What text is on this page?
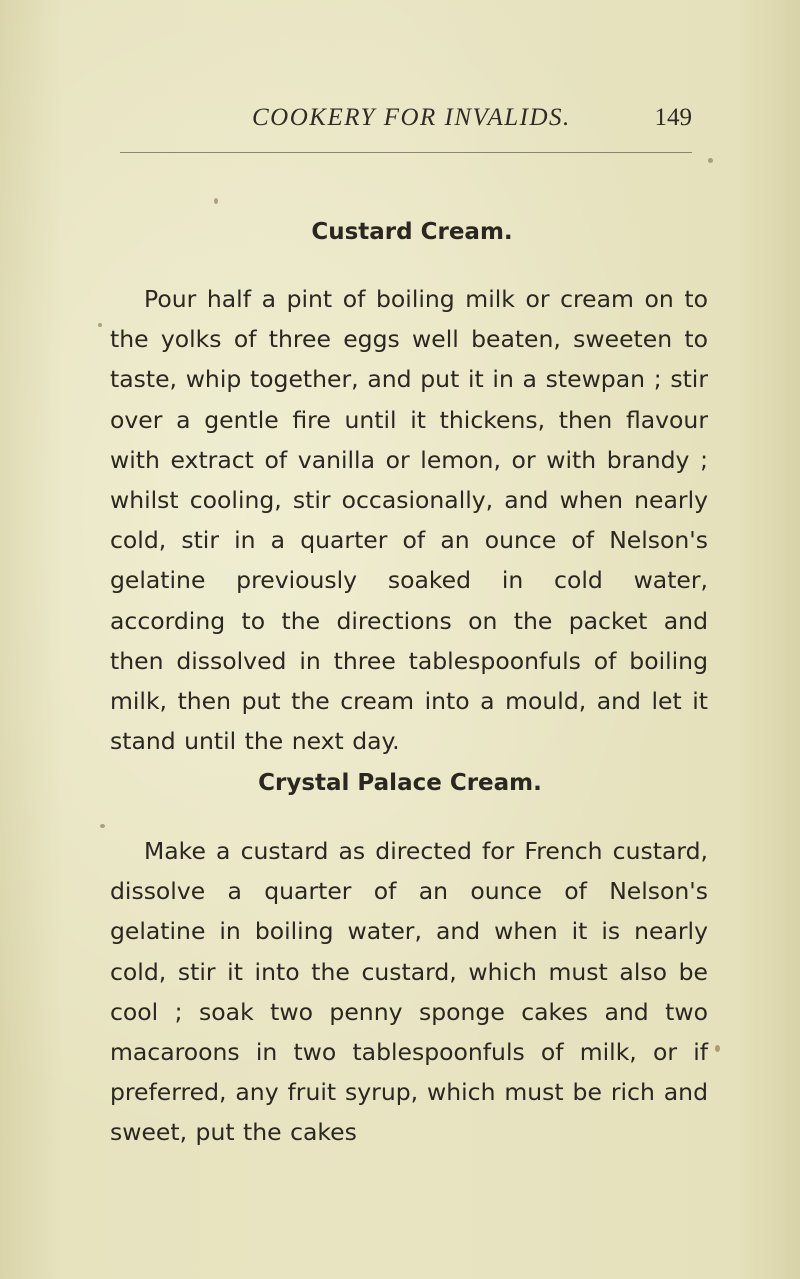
COOKERY FOR INVALIDS.	149
Custard Cream.

Pour half a pint of boiling milk or cream on to the yolks of three eggs well beaten, sweeten to taste, whip together, and put it in a stewpan ; stir over a gentle fire until it thickens, then flavour with extract of vanilla or lemon, or with brandy ; whilst cooling, stir occasionally, and when nearly cold, stir in a quarter of an ounce of Nelson's gelatine previously soaked in cold water, according to the directions on the packet and then dissolved in three tablespoonfuls of boiling milk, then put the cream into a mould, and let it stand until the next day.

Crystal Palace Cream.

Make a custard as directed for French custard, dissolve a quarter of an ounce of Nelson's gelatine in boiling water, and when it is nearly cold, stir it into the custard, which must also be cool ; soak two penny sponge cakes and two macaroons in two tablespoonfuls of milk, or if preferred, any fruit syrup, which must be rich and sweet, put the cakes
